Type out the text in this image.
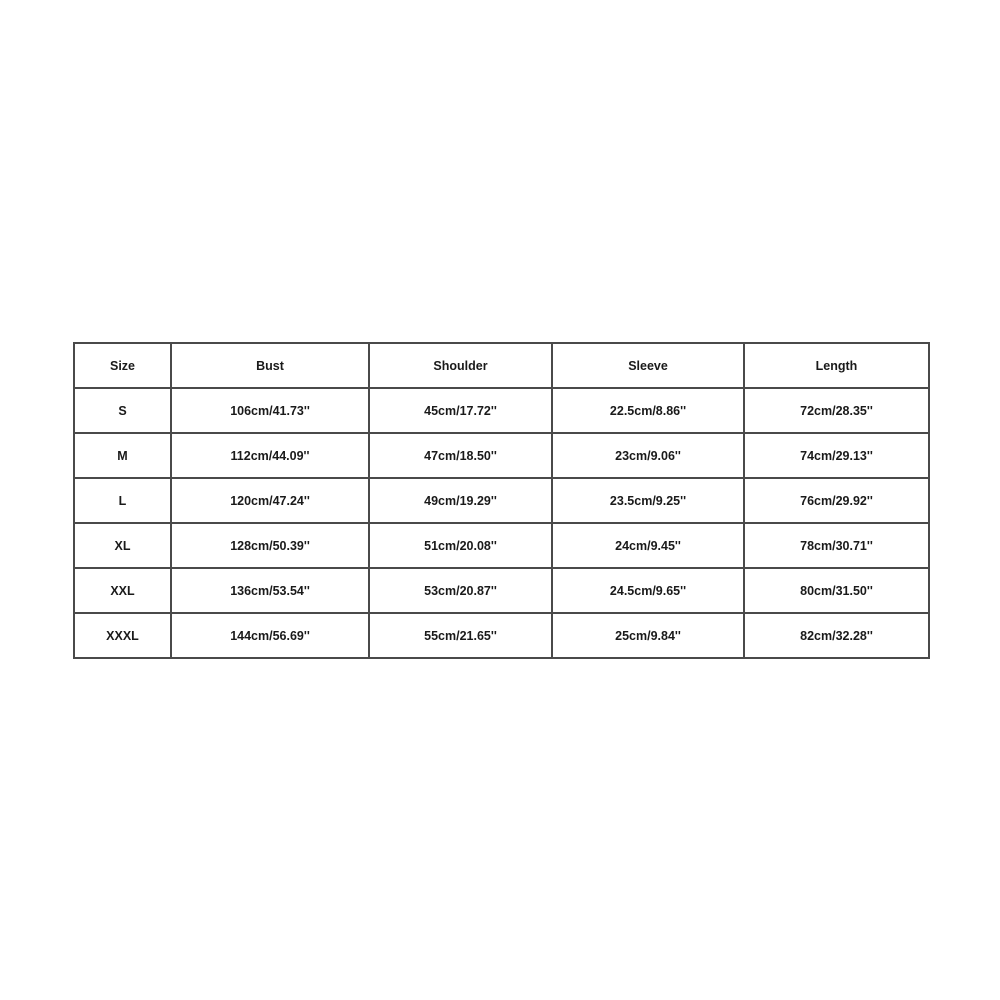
Size	Bust	Shoulder	Sleeve	Length
S	106cm/41.73''	45cm/17.72''	22.5cm/8.86''	72cm/28.35''
M	112cm/44.09''	47cm/18.50''	23cm/9.06''	74cm/29.13''
L	120cm/47.24''	49cm/19.29''	23.5cm/9.25''	76cm/29.92''
XL	128cm/50.39''	51cm/20.08''	24cm/9.45''	78cm/30.71''
XXL	136cm/53.54''	53cm/20.87''	24.5cm/9.65''	80cm/31.50''
XXXL	144cm/56.69''	55cm/21.65''	25cm/9.84''	82cm/32.28''
